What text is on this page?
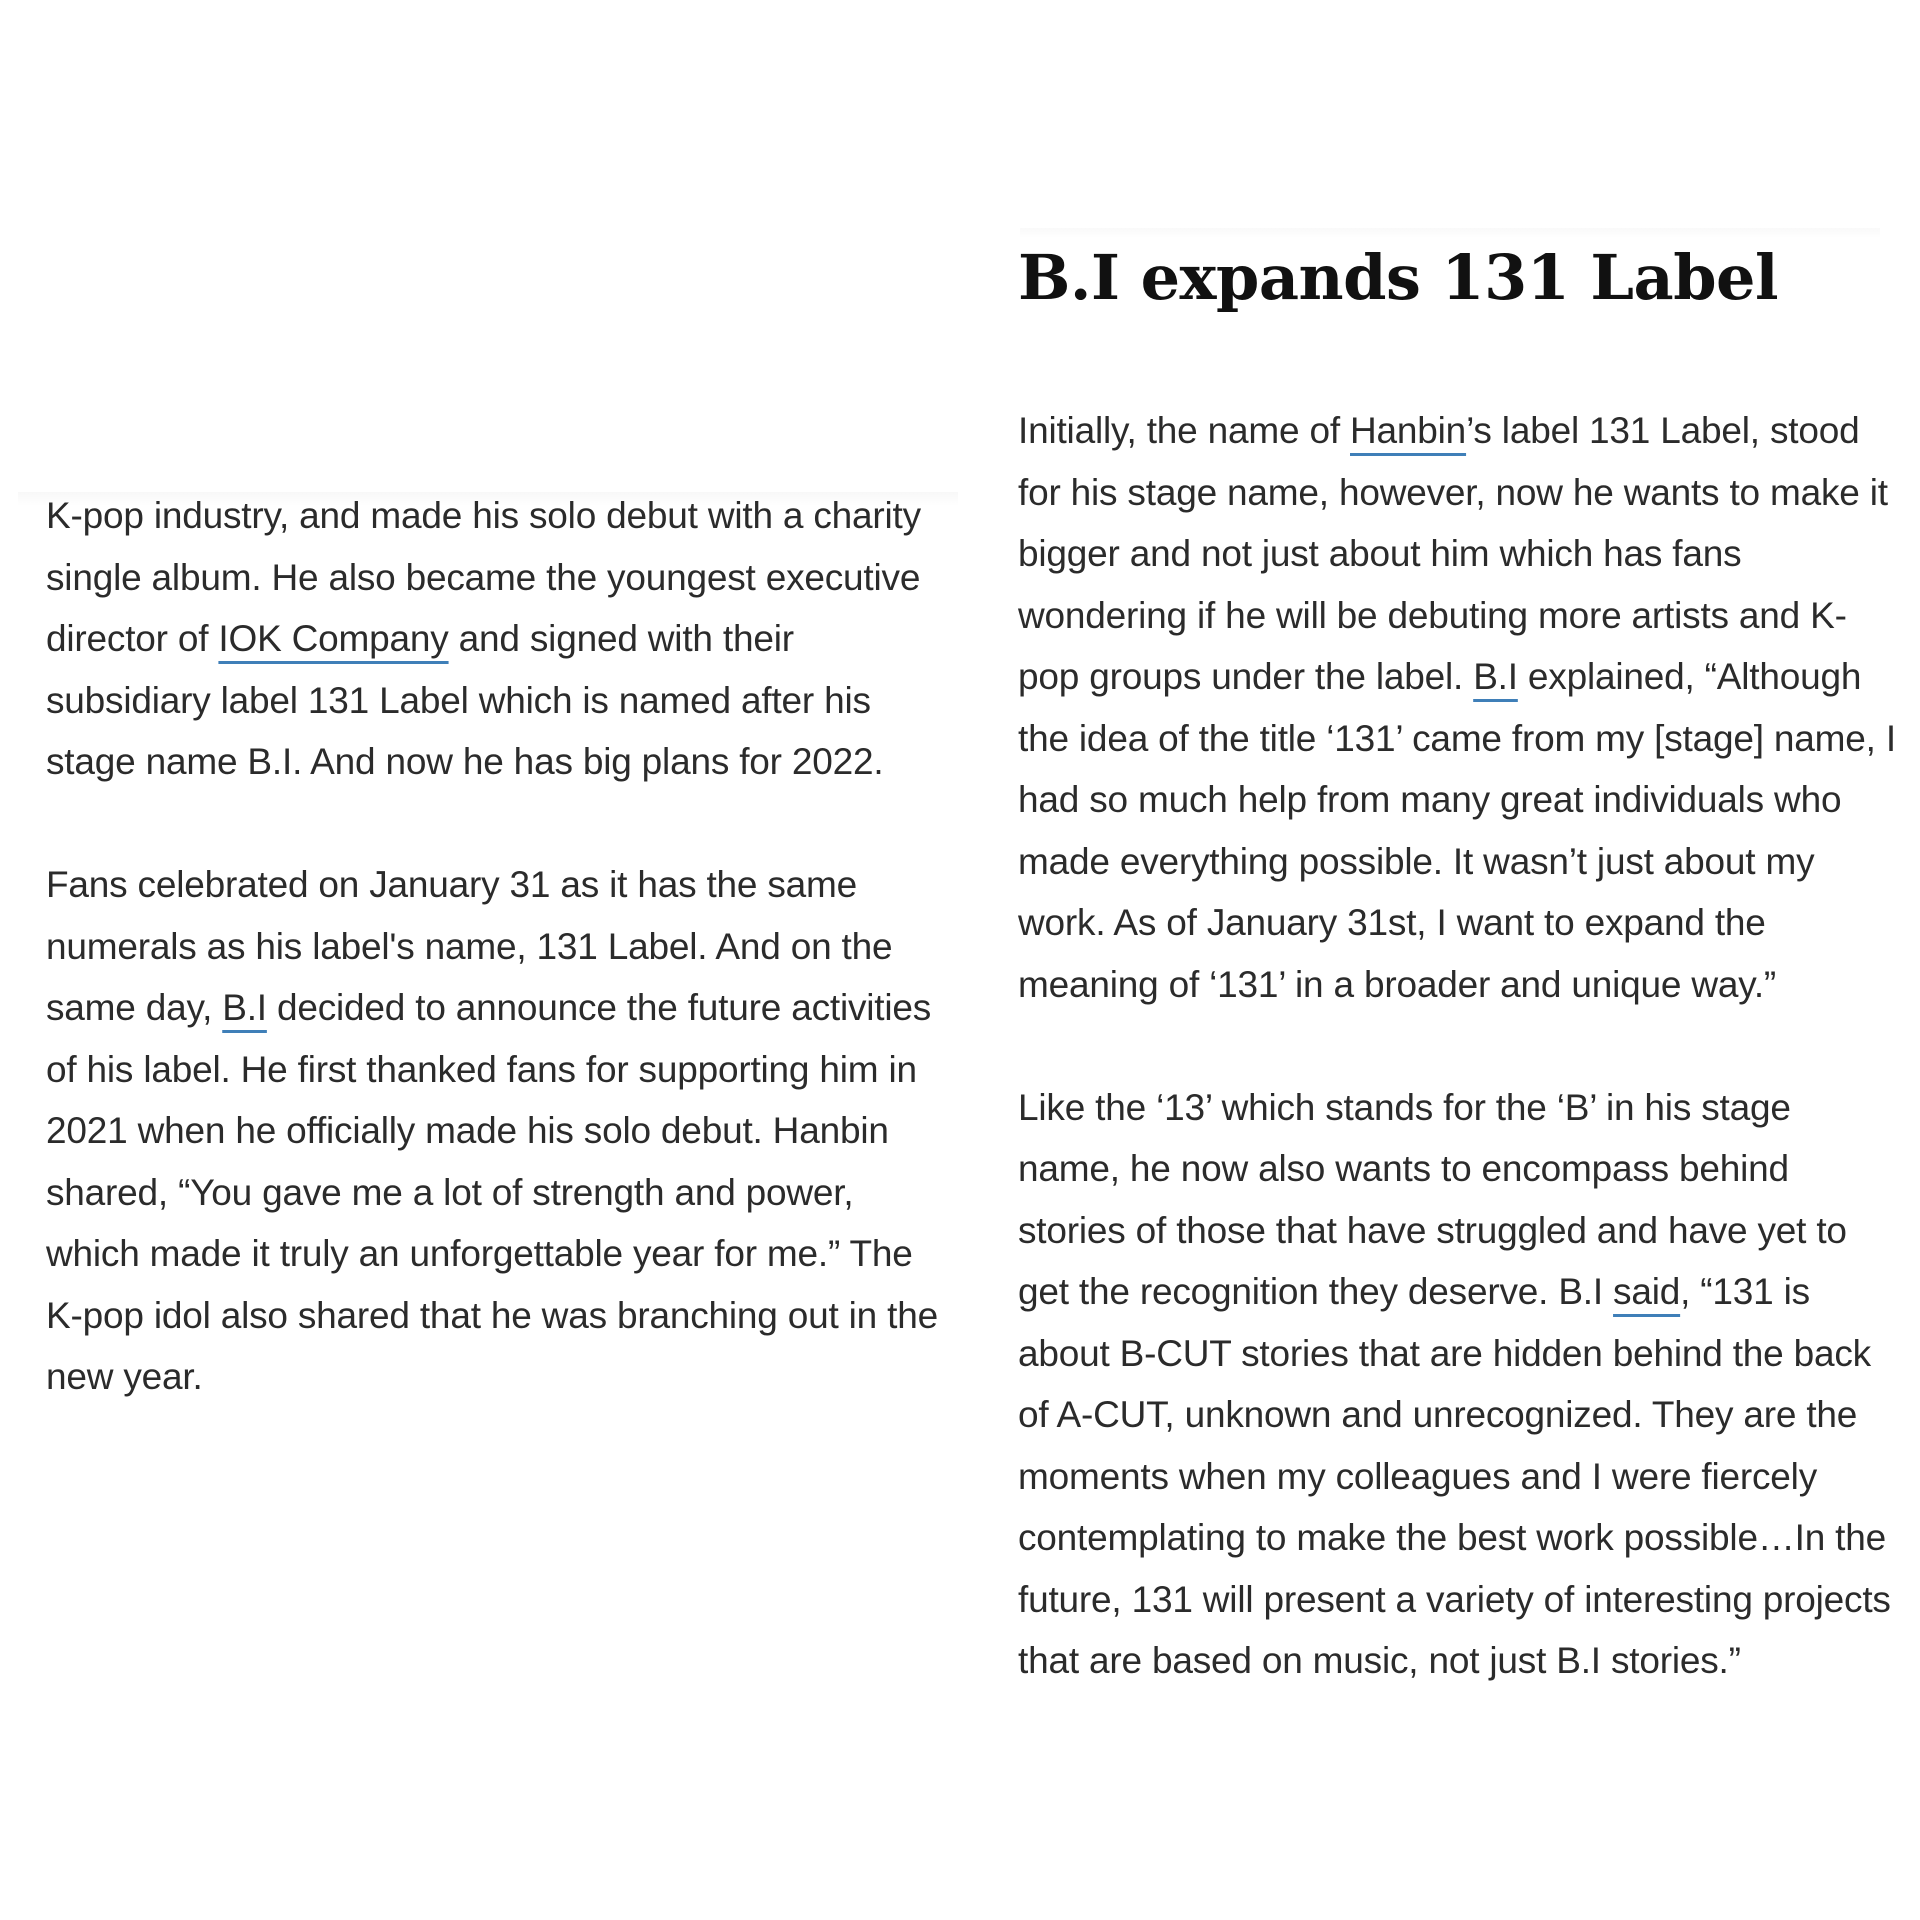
K-pop industry, and made his solo debut with a charity single album. He also became the youngest executive director of IOK Company and signed with their subsidiary label 131 Label which is named after his stage name B.I. And now he has big plans for 2022.

Fans celebrated on January 31 as it has the same numerals as his label's name, 131 Label. And on the same day, B.I decided to announce the future activities of his label. He first thanked fans for supporting him in 2021 when he officially made his solo debut. Hanbin shared, “You gave me a lot of strength and power, which made it truly an unforgettable year for me.” The K-pop idol also shared that he was branching out in the new year.

B.I expands 131 Label

Initially, the name of Hanbin’s label 131 Label, stood for his stage name, however, now he wants to make it bigger and not just about him which has fans wondering if he will be debuting more artists and K-pop groups under the label. B.I explained, “Although the idea of the title ‘131’ came from my [stage] name, I had so much help from many great individuals who made everything possible. It wasn’t just about my work. As of January 31st, I want to expand the meaning of ‘131’ in a broader and unique way.”

Like the ‘13’ which stands for the ‘B’ in his stage name, he now also wants to encompass behind stories of those that have struggled and have yet to get the recognition they deserve. B.I said, “131 is about B-CUT stories that are hidden behind the back of A-CUT, unknown and unrecognized. They are the moments when my colleagues and I were fiercely contemplating to make the best work possible…In the future, 131 will present a variety of interesting projects that are based on music, not just B.I stories.”
